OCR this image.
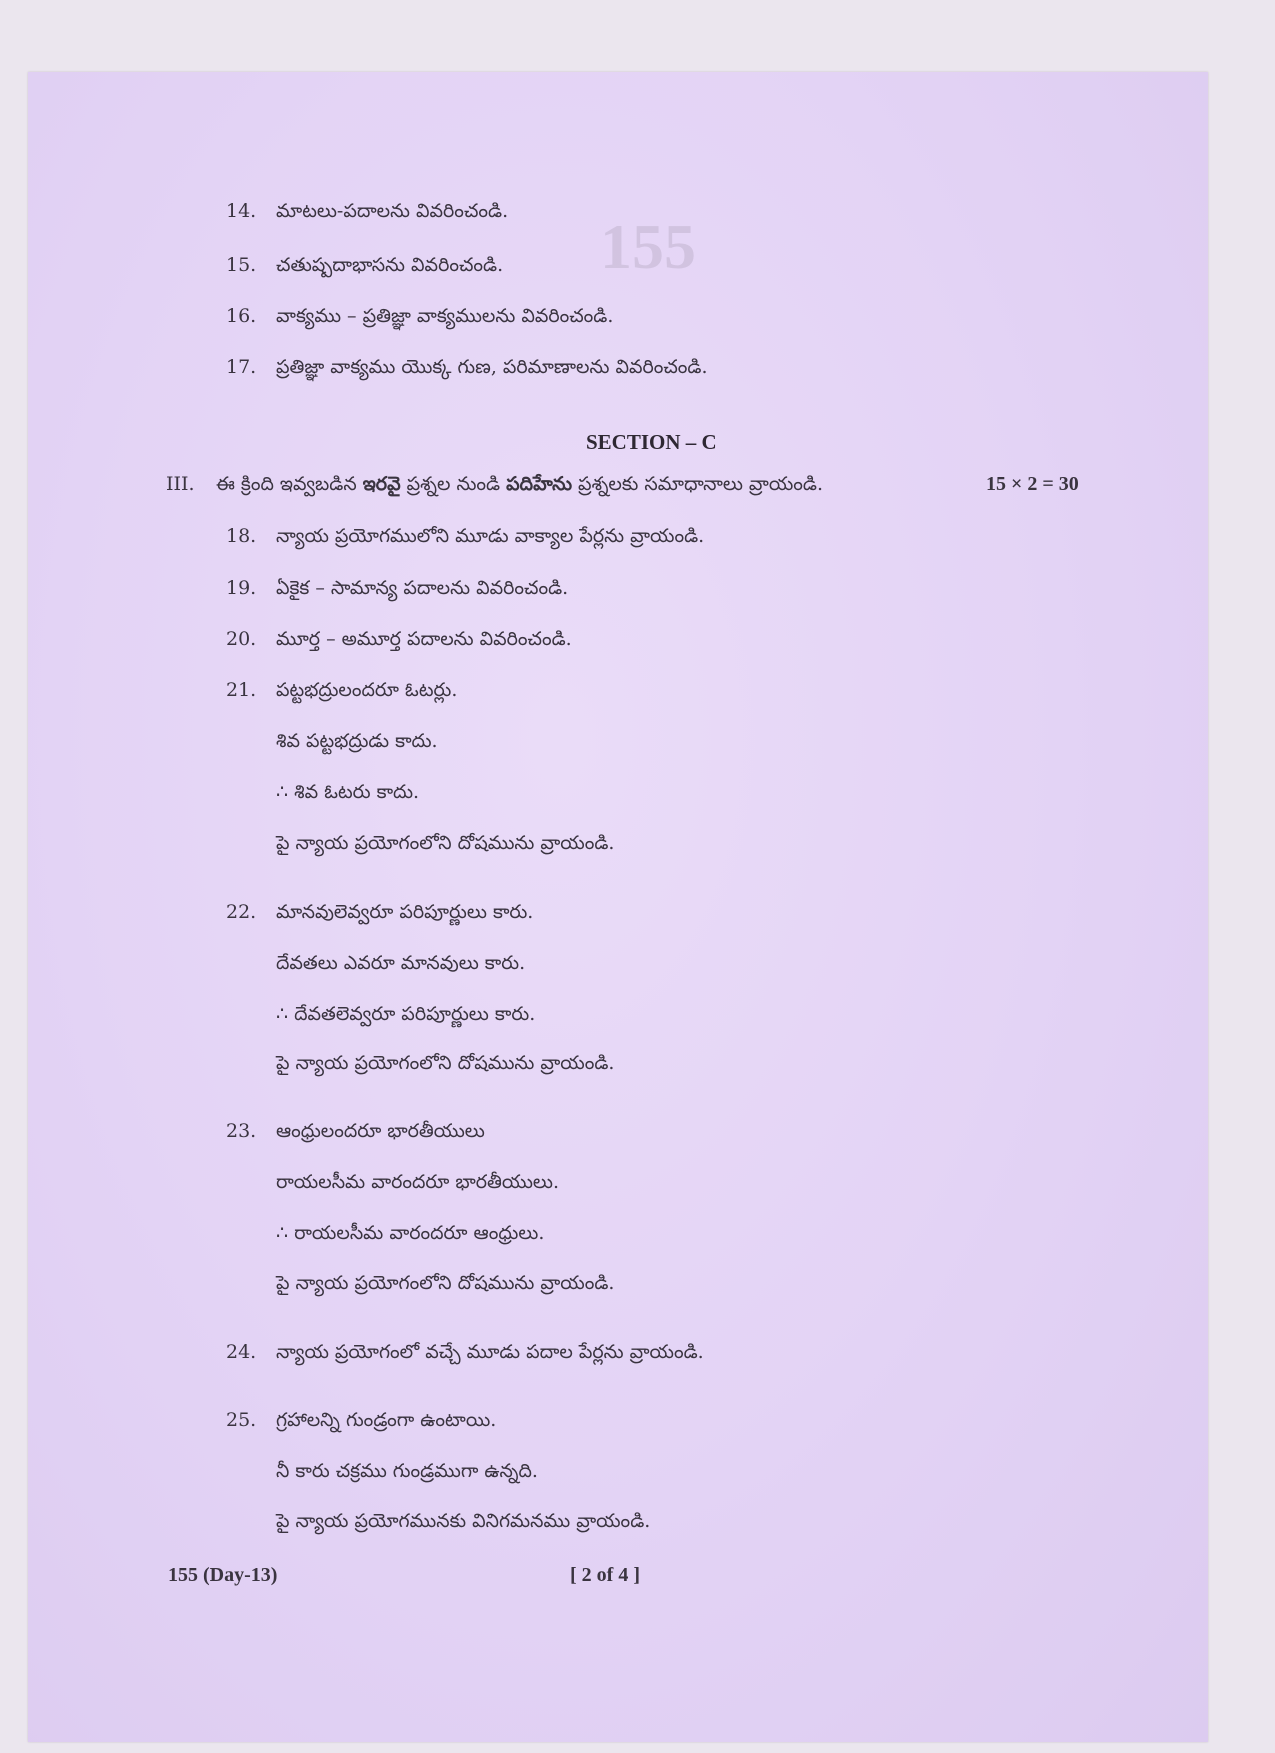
155
14. మాటలు-పదాలను వివరించండి.
15. చతుష్పదాభాసను వివరించండి.
16. వాక్యము – ప్రతిజ్ఞా వాక్యములను వివరించండి.
17. ప్రతిజ్ఞా వాక్యము యొక్క గుణ, పరిమాణాలను వివరించండి.
SECTION – C
III. ఈ క్రింది ఇవ్వబడిన ఇరవై ప్రశ్నల నుండి పదిహేను ప్రశ్నలకు సమాధానాలు వ్రాయండి.	15 × 2 = 30
18. న్యాయ ప్రయోగములోని మూడు వాక్యాల పేర్లను వ్రాయండి.
19. ఏకైక – సామాన్య పదాలను వివరించండి.
20. మూర్త – అమూర్త పదాలను వివరించండి.
21. పట్టభద్రులందరూ ఓటర్లు.
శివ పట్టభద్రుడు కాదు.
∴ శివ ఓటరు కాదు.
పై న్యాయ ప్రయోగంలోని దోషమును వ్రాయండి.
22. మానవులెవ్వరూ పరిపూర్ణులు కారు.
దేవతలు ఎవరూ మానవులు కారు.
∴ దేవతలెవ్వరూ పరిపూర్ణులు కారు.
పై న్యాయ ప్రయోగంలోని దోషమును వ్రాయండి.
23. ఆంధ్రులందరూ భారతీయులు
రాయలసీమ వారందరూ భారతీయులు.
∴ రాయలసీమ వారందరూ ఆంధ్రులు.
పై న్యాయ ప్రయోగంలోని దోషమును వ్రాయండి.
24. న్యాయ ప్రయోగంలో వచ్చే మూడు పదాల పేర్లను వ్రాయండి.
25. గ్రహాలన్ని గుండ్రంగా ఉంటాయి.
నీ కారు చక్రము గుండ్రముగా ఉన్నది.
పై న్యాయ ప్రయోగమునకు వినిగమనము వ్రాయండి.
155 (Day-13)	[ 2 of 4 ]
